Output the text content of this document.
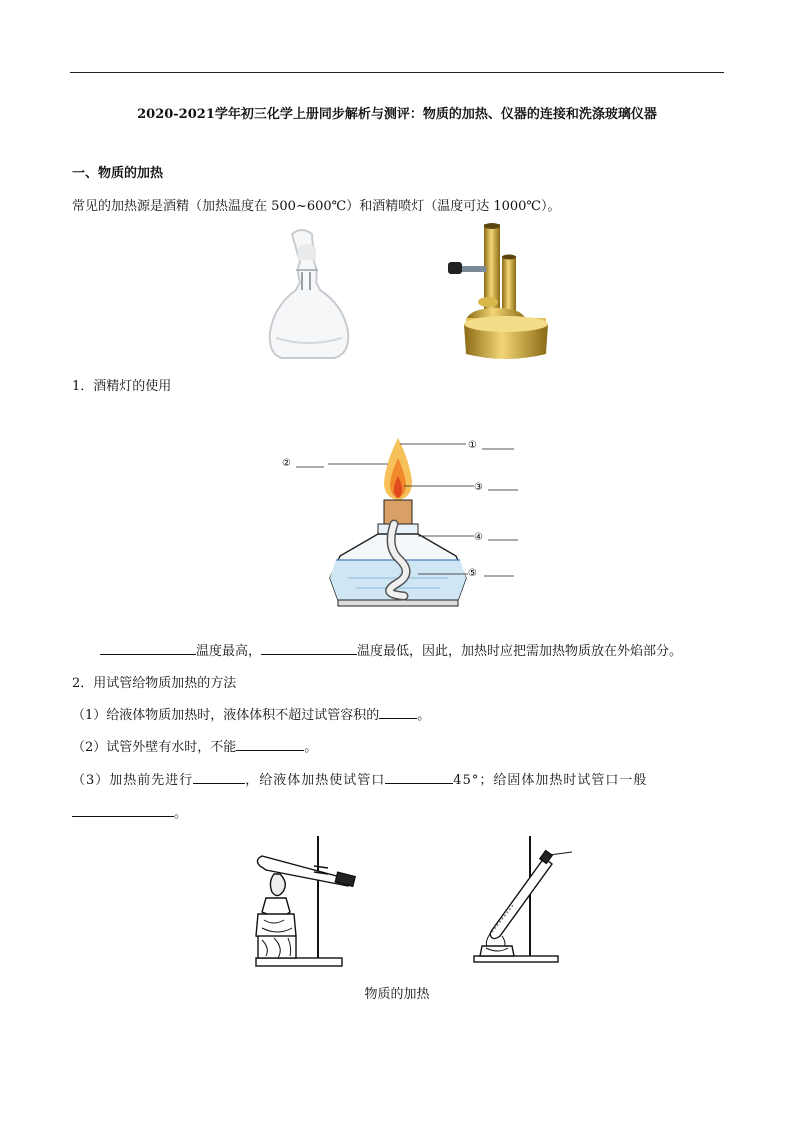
2020-2021学年初三化学上册同步解析与测评：物质的加热、仪器的连接和洗涤玻璃仪器
一、物质的加热
常见的加热源是酒精（加热温度在 500~600℃）和酒精喷灯（温度可达 1000℃）。
1．酒精灯的使用
①
②
③
④
⑤
温度最高，	温度最低，因此，加热时应把需加热物质放在外焰部分。
2．用试管给物质加热的方法
（1）给液体物质加热时，液体体积不超过试管容积的	。
（2）试管外壁有水时，不能	。
（3）加热前先进行	，给液体加热使试管口	45°；给固体加热时试管口一般
。
物质的加热
